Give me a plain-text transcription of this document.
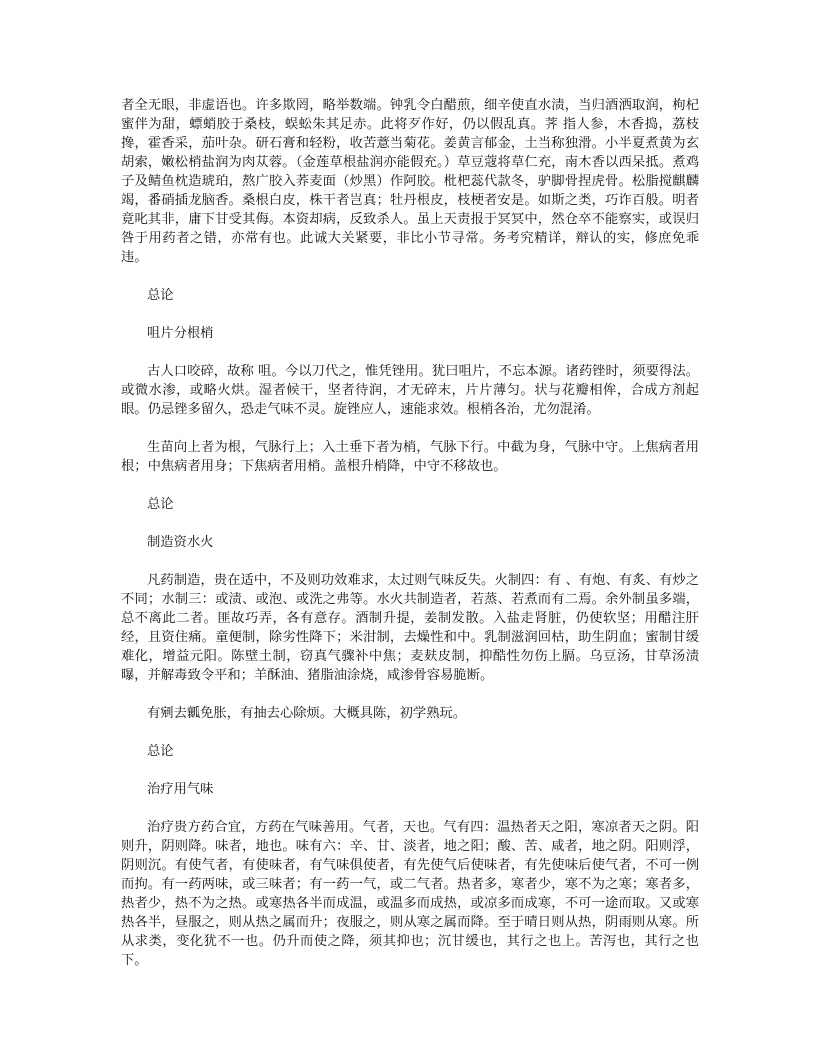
者全无眼，非虚语也。许多欺罔，略举数端。钟乳令白醋煎，细辛使直水渍，当归酒洒取润，枸杞蜜伴为甜，螵蛸胶于桑枝，蜈蚣朱其足赤。此将歹作好，仍以假乱真。荠 指人参，木香捣，荔枝搀，霍香采，茄叶杂。研石膏和轻粉，收苦薏当菊花。姜黄言郁金，土当称独滑。小半夏煮黄为玄胡索，嫩松梢盐润为肉苁蓉。（金莲草根盐润亦能假充。）草豆蔻将草仁充，南木香以西呆抵。煮鸡子及鲭鱼枕造琥珀，熬广胶入荞麦面（炒黑）作阿胶。枇杷蕊代款冬，驴脚骨捏虎骨。松脂搅麒麟竭，番硝插龙脑香。桑根白皮，株干者岂真；牡丹根皮，枝梗者安是。如斯之类，巧诈百般。明者竟叱其非，庸下甘受其侮。本资却病，反致杀人。虽上天责报于冥冥中，然仓卒不能察实，或误归咎于用药者之错，亦常有也。此诚大关紧要，非比小节寻常。务考究精详，辩认的实，修庶免乖违。

总论

咀片分根梢

古人口咬碎，故称 咀。今以刀代之，惟凭锉用。犹曰咀片，不忘本源。诸药锉时，须要得法。或微水渗，或略火烘。湿者候干，坚者待润，才无碎末，片片薄匀。状与花瓣相侔，合成方剂起眼。仍忌锉多留久，恐走气味不灵。旋锉应人，速能求效。根梢各治，尤勿混淆。

生苗向上者为根，气脉行上；入土垂下者为梢，气脉下行。中截为身，气脉中守。上焦病者用根；中焦病者用身；下焦病者用梢。盖根升梢降，中守不移故也。

总论

制造资水火

凡药制造，贵在适中，不及则功效难求，太过则气味反失。火制四：有 、有炮、有炙、有炒之不同；水制三：或渍、或泡、或洗之弗等。水火共制造者，若蒸、若煮而有二焉。余外制虽多端，总不离此二者。匪故巧弄，各有意存。酒制升提，姜制发散。入盐走肾脏，仍使软坚；用醋注肝经，且资住痛。童便制，除劣性降下；米泔制，去燥性和中。乳制滋润回枯，助生阴血；蜜制甘缓难化，增益元阳。陈壁土制，窃真气骤补中焦；麦麸皮制，抑酷性勿伤上膈。乌豆汤，甘草汤渍曝，并解毒致令平和；羊酥油、猪脂油涂烧，咸渗骨容易脆断。

有剜去瓤免胀，有抽去心除烦。大概具陈，初学熟玩。

总论

治疗用气味

治疗贵方药合宜，方药在气味善用。气者，天也。气有四：温热者天之阳，寒凉者天之阴。阳则升，阴则降。味者，地也。味有六：辛、甘、淡者，地之阳；酸、苦、咸者，地之阴。阳则浮，阴则沉。有使气者，有使味者，有气味俱使者，有先使气后使味者，有先使味后使气者，不可一例而拘。有一药两味，或三味者；有一药一气，或二气者。热者多，寒者少，寒不为之寒；寒者多，热者少，热不为之热。或寒热各半而成温，或温多而成热，或凉多而成寒，不可一途而取。又或寒热各半，昼服之，则从热之属而升；夜服之，则从寒之属而降。至于晴日则从热，阴雨则从寒。所从求类，变化犹不一也。仍升而使之降，须其抑也；沉甘缓也，其行之也上。苦泻也，其行之也下。
